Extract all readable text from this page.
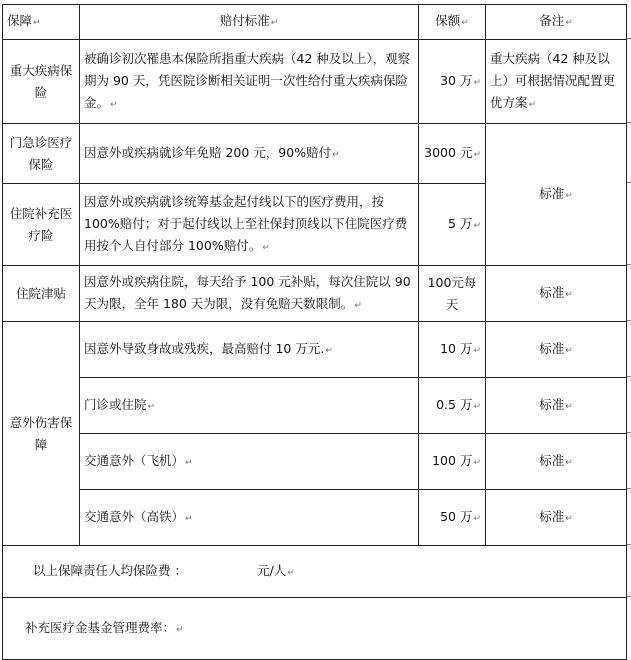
保障↵	赔付标准↵	保额↵	备注↵
重大疾病保险	被确诊初次罹患本保险所指重大疾病（42 种及以上），观察期为 90 天，凭医院诊断相关证明一次性给付重大疾病保险金。↵	30 万↵	重大疾病（42 种及以上）可根据情况配置更优方案↵
门急诊医疗保险	因意外或疾病就诊年免赔 200 元，90%赔付↵	3000 元↵	标准↵
住院补充医疗险	因意外或疾病就诊统筹基金起付线以下的医疗费用，按 100%赔付；对于起付线以上至社保封顶线以下住院医疗费用按个人自付部分 100%赔付。↵	5 万↵	
住院津贴	因意外或疾病住院，每天给予 100 元补贴，每次住院以 90 天为限，全年 180 天为限，没有免赔天数限制。↵	100元每天	标准↵
意外伤害保障	因意外导致身故或残疾，最高赔付 10 万元.↵	10 万↵	标准↵
	门诊或住院↵	0.5 万↵	标准↵
	交通意外（飞机）↵	100 万↵	标准↵
	交通意外（高铁）↵	50 万↵	标准↵
以上保障责任人均保险费 ： 元/人↵			
补充医疗金基金管理费率：↵			
